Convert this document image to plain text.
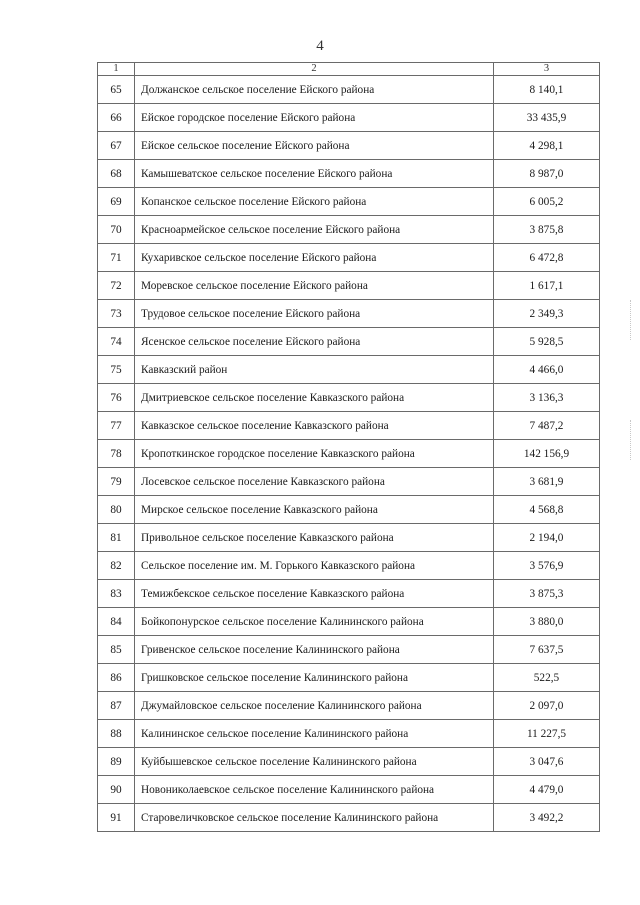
4
1	2	3
65	Должанское сельское поселение Ейского района	8 140,1
66	Ейское городское поселение Ейского района	33 435,9
67	Ейское сельское поселение Ейского района	4 298,1
68	Камышеватское сельское поселение Ейского района	8 987,0
69	Копанское сельское поселение Ейского района	6 005,2
70	Красноармейское сельское поселение Ейского района	3 875,8
71	Кухаривское сельское поселение Ейского района	6 472,8
72	Моревское сельское поселение Ейского района	1 617,1
73	Трудовое сельское поселение Ейского района	2 349,3
74	Ясенское сельское поселение Ейского района	5 928,5
75	Кавказский район	4 466,0
76	Дмитриевское сельское поселение Кавказского района	3 136,3
77	Кавказское сельское поселение Кавказского района	7 487,2
78	Кропоткинское городское поселение Кавказского района	142 156,9
79	Лосевское сельское поселение Кавказского района	3 681,9
80	Мирское сельское поселение Кавказского района	4 568,8
81	Привольное сельское поселение Кавказского района	2 194,0
82	Сельское поселение им. М. Горького Кавказского района	3 576,9
83	Темижбекское сельское поселение Кавказского района	3 875,3
84	Бойкопонурское сельское поселение Калининского района	3 880,0
85	Гривенское сельское поселение Калининского района	7 637,5
86	Гришковское сельское поселение Калининского района	522,5
87	Джумайловское сельское поселение Калининского района	2 097,0
88	Калининское сельское поселение Калининского района	11 227,5
89	Куйбышевское сельское поселение Калининского района	3 047,6
90	Новониколаевское сельское поселение Калининского района	4 479,0
91	Старовеличковское сельское поселение Калининского района	3 492,2
